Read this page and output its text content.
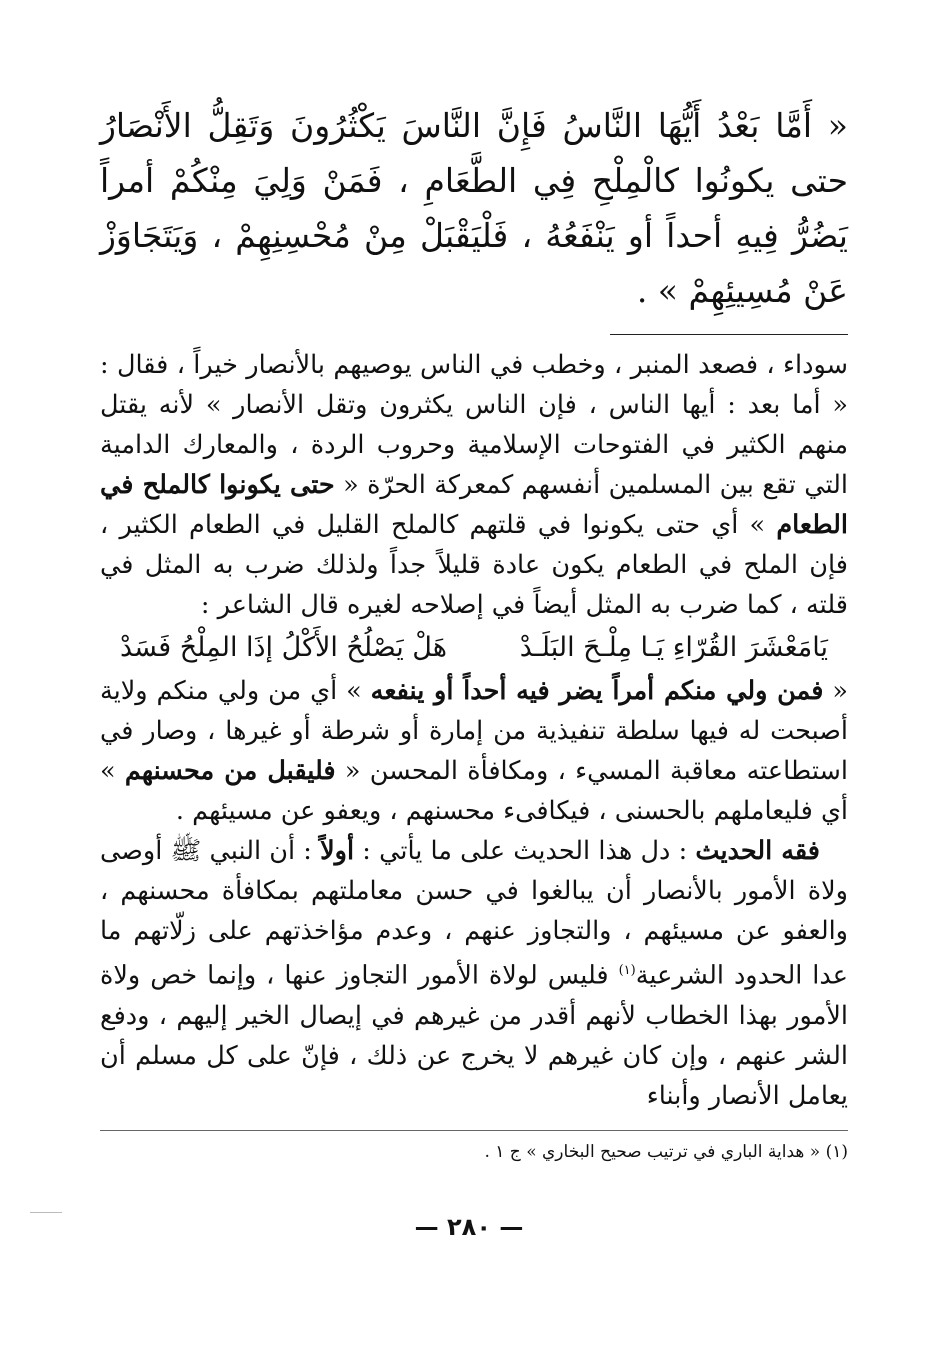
« أَمَّا بَعْدُ أَيُّهَا النَّاسُ فَإِنَّ النَّاسَ يَكْثُرُونَ وَتَقِلُّ الأَنْصَارُ حتى يكونُوا كالْمِلْحِ فِي الطَّعَامِ ، فَمَنْ وَلِيَ مِنْكُمْ أمراً يَضُرُّ فِيهِ أحداً أو يَنْفَعُهُ ، فَلْيَقْبَلْ مِنْ مُحْسِنِهِمْ ، وَيَتَجَاوَزْ عَنْ مُسِيئِهِمْ » .

سوداء ، فصعد المنبر ، وخطب في الناس يوصيهم بالأنصار خيراً ، فقال : « أما بعد : أيها الناس ، فإن الناس يكثرون وتقل الأنصار » لأنه يقتل منهم الكثير في الفتوحات الإسلامية وحروب الردة ، والمعارك الدامية التي تقع بين المسلمين أنفسهم كمعركة الحرّة « حتى يكونوا كالملح في الطعام » أي حتى يكونوا في قلتهم كالملح القليل في الطعام الكثير ، فإن الملح في الطعام يكون عادة قليلاً جداً ولذلك ضرب به المثل في قلته ، كما ضرب به المثل أيضاً في إصلاحه لغيره قال الشاعر :

يَامَعْشَرَ القُرّاءِ يَـا مِلْـحَ البَلَـدْ
هَلْ يَصْلُحُ الأَكْلُ إذَا المِلْحُ فَسَدْ

« فمن ولي منكم أمراً يضر فيه أحداً أو ينفعه » أي من ولي منكم ولاية أصبحت له فيها سلطة تنفيذية من إمارة أو شرطة أو غيرها ، وصار في استطاعته معاقبة المسيء ، ومكافأة المحسن « فليقبل من محسنهم » أي فليعاملهم بالحسنى ، فيكافىء محسنهم ، ويعفو عن مسيئهم .

فقه الحديث : دل هذا الحديث على ما يأتي : أولاً : أن النبي ﷺ أوصى ولاة الأمور بالأنصار أن يبالغوا في حسن معاملتهم بمكافأة محسنهم ، والعفو عن مسيئهم ، والتجاوز عنهم ، وعدم مؤاخذتهم على زلّاتهم ما عدا الحدود الشرعية$^{(١)}$ فليس لولاة الأمور التجاوز عنها ، وإنما خص ولاة الأمور بهذا الخطاب لأنهم أقدر من غيرهم في إيصال الخير إليهم ، ودفع الشر عنهم ، وإن كان غيرهم لا يخرج عن ذلك ، فإنّ على كل مسلم أن يعامل الأنصار وأبناء

(١) « هداية الباري في ترتيب صحيح البخاري » ج ١ .

— ٢٨٠ —
